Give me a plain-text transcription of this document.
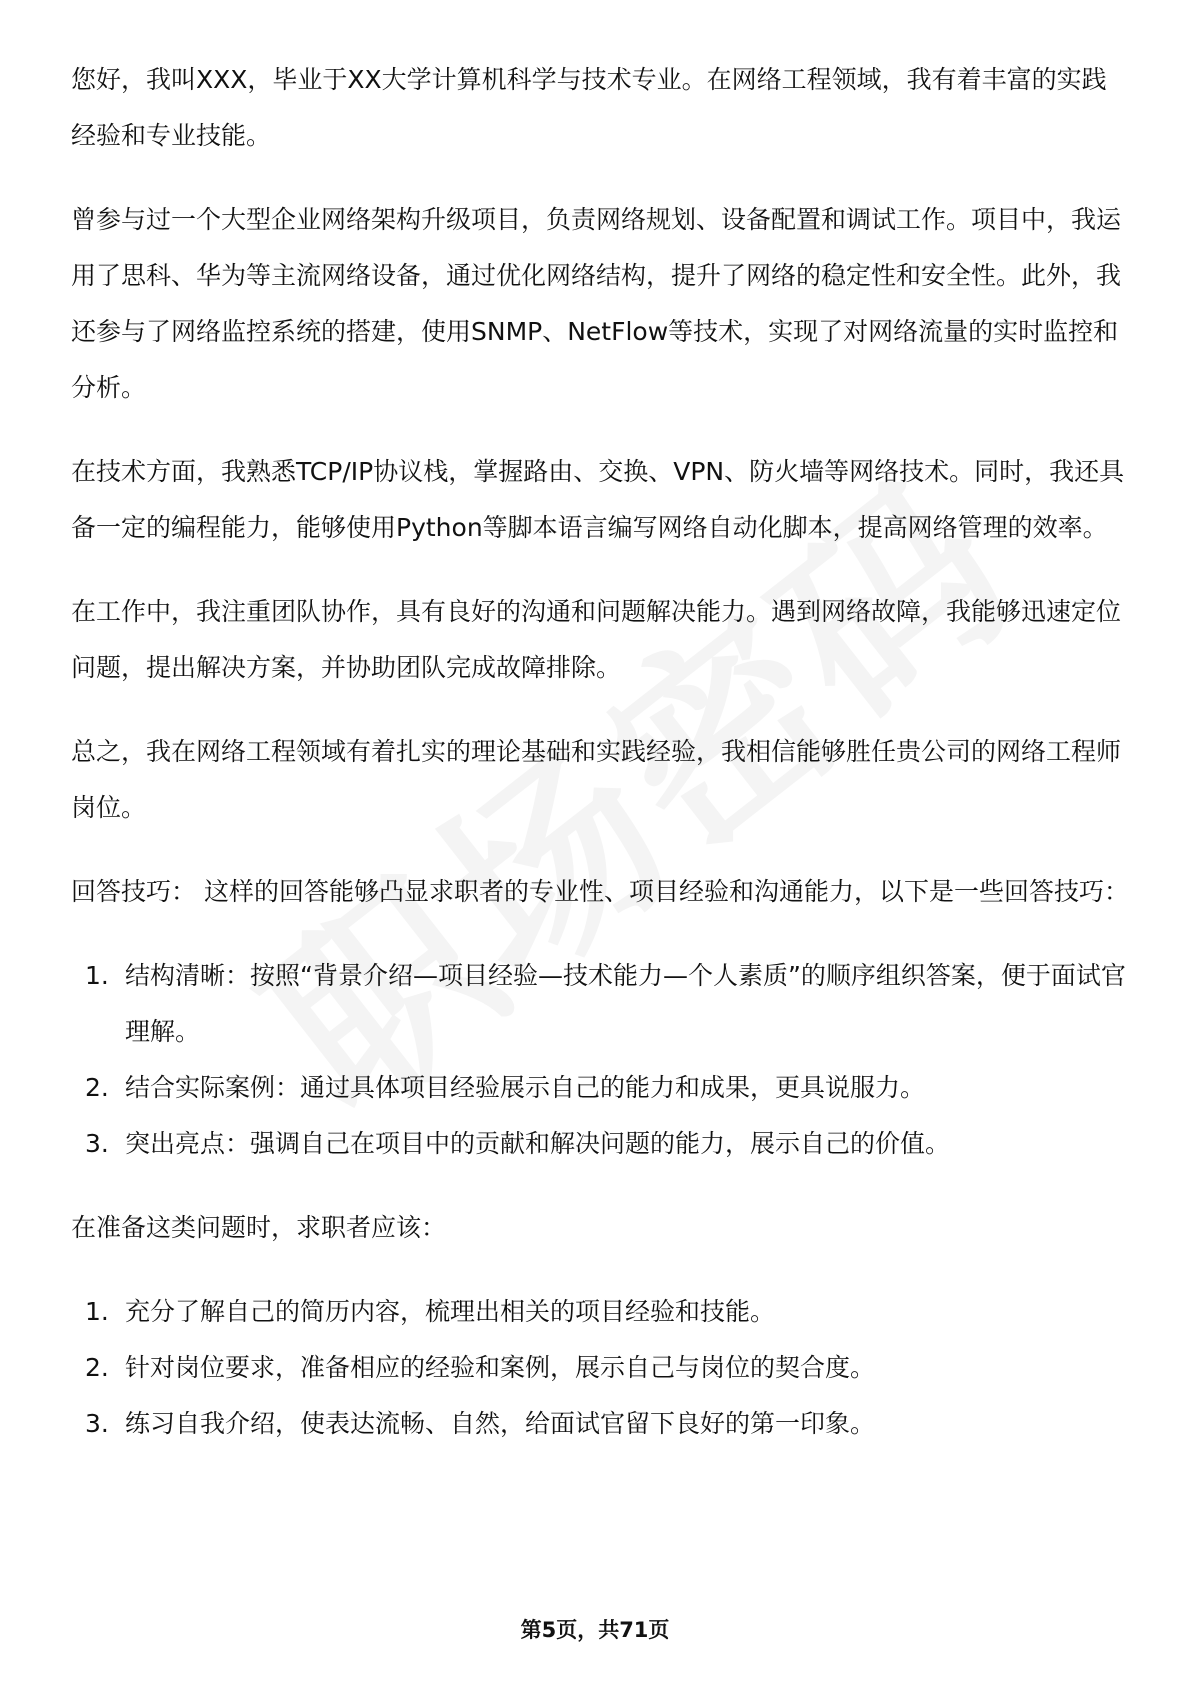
您好，我叫XXX，毕业于XX大学计算机科学与技术专业。在网络工程领域，我有着丰富的实践经验和专业技能。

曾参与过一个大型企业网络架构升级项目，负责网络规划、设备配置和调试工作。项目中，我运用了思科、华为等主流网络设备，通过优化网络结构，提升了网络的稳定性和安全性。此外，我还参与了网络监控系统的搭建，使用SNMP、NetFlow等技术，实现了对网络流量的实时监控和分析。

在技术方面，我熟悉TCP/IP协议栈，掌握路由、交换、VPN、防火墙等网络技术。同时，我还具备一定的编程能力，能够使用Python等脚本语言编写网络自动化脚本，提高网络管理的效率。

在工作中，我注重团队协作，具有良好的沟通和问题解决能力。遇到网络故障，我能够迅速定位问题，提出解决方案，并协助团队完成故障排除。

总之，我在网络工程领域有着扎实的理论基础和实践经验，我相信能够胜任贵公司的网络工程师岗位。

回答技巧： 这样的回答能够凸显求职者的专业性、项目经验和沟通能力，以下是一些回答技巧：

1. 结构清晰：按照“背景介绍—项目经验—技术能力—个人素质”的顺序组织答案，便于面试官理解。
2. 结合实际案例：通过具体项目经验展示自己的能力和成果，更具说服力。
3. 突出亮点：强调自己在项目中的贡献和解决问题的能力，展示自己的价值。

在准备这类问题时，求职者应该：

1. 充分了解自己的简历内容，梳理出相关的项目经验和技能。
2. 针对岗位要求，准备相应的经验和案例，展示自己与岗位的契合度。
3. 练习自我介绍，使表达流畅、自然，给面试官留下良好的第一印象。
第5页，共71页
